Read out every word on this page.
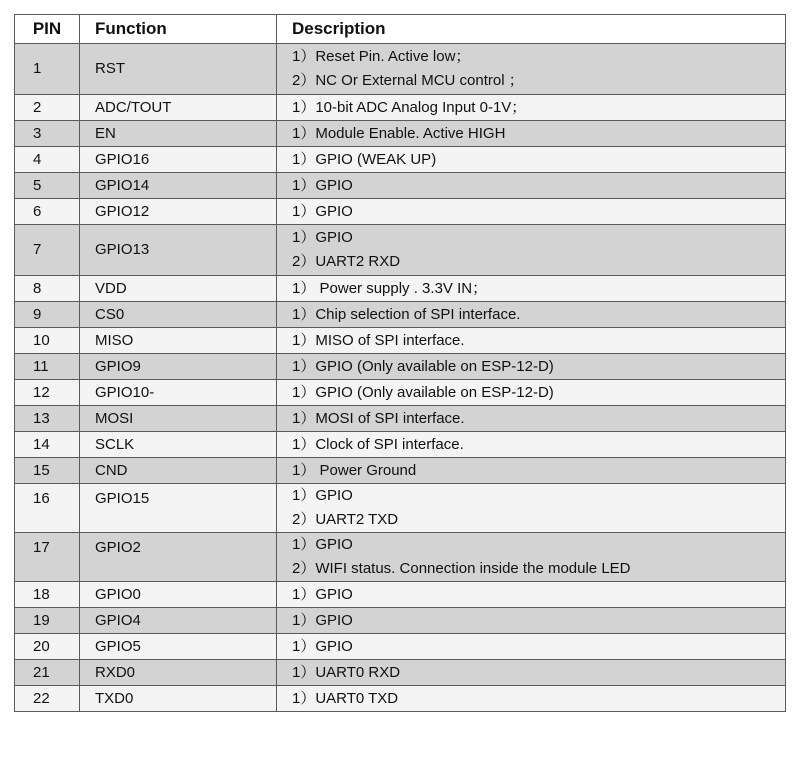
PIN	Function	Description
1	RST	1）Reset Pin. Active low；
2）NC Or External MCU control ；

2	ADC/TOUT	1）10-bit ADC Analog Input 0-1V；

3	EN	1）Module Enable. Active HIGH

4	GPIO16	1）GPIO (WEAK UP)

5	GPIO14	1）GPIO

6	GPIO12	1）GPIO

7	GPIO13	1）GPIO
2）UART2 RXD

8	VDD	1） Power supply . 3.3V IN；

9	CS0	1）Chip selection of SPI interface.

10	MISO	1）MISO of SPI interface.

11	GPIO9	1）GPIO (Only available on ESP-12-D)

12	GPIO10-	1）GPIO (Only available on ESP-12-D)

13	MOSI	1）MOSI of SPI interface.

14	SCLK	1）Clock of SPI interface.

15	CND	1） Power Ground

16	GPIO15	1）GPIO
2）UART2 TXD

17	GPIO2	1）GPIO
2）WIFI status. Connection inside the module LED

18	GPIO0	1）GPIO

19	GPIO4	1）GPIO

20	GPIO5	1）GPIO

21	RXD0	1）UART0 RXD

22	TXD0	1）UART0 TXD
